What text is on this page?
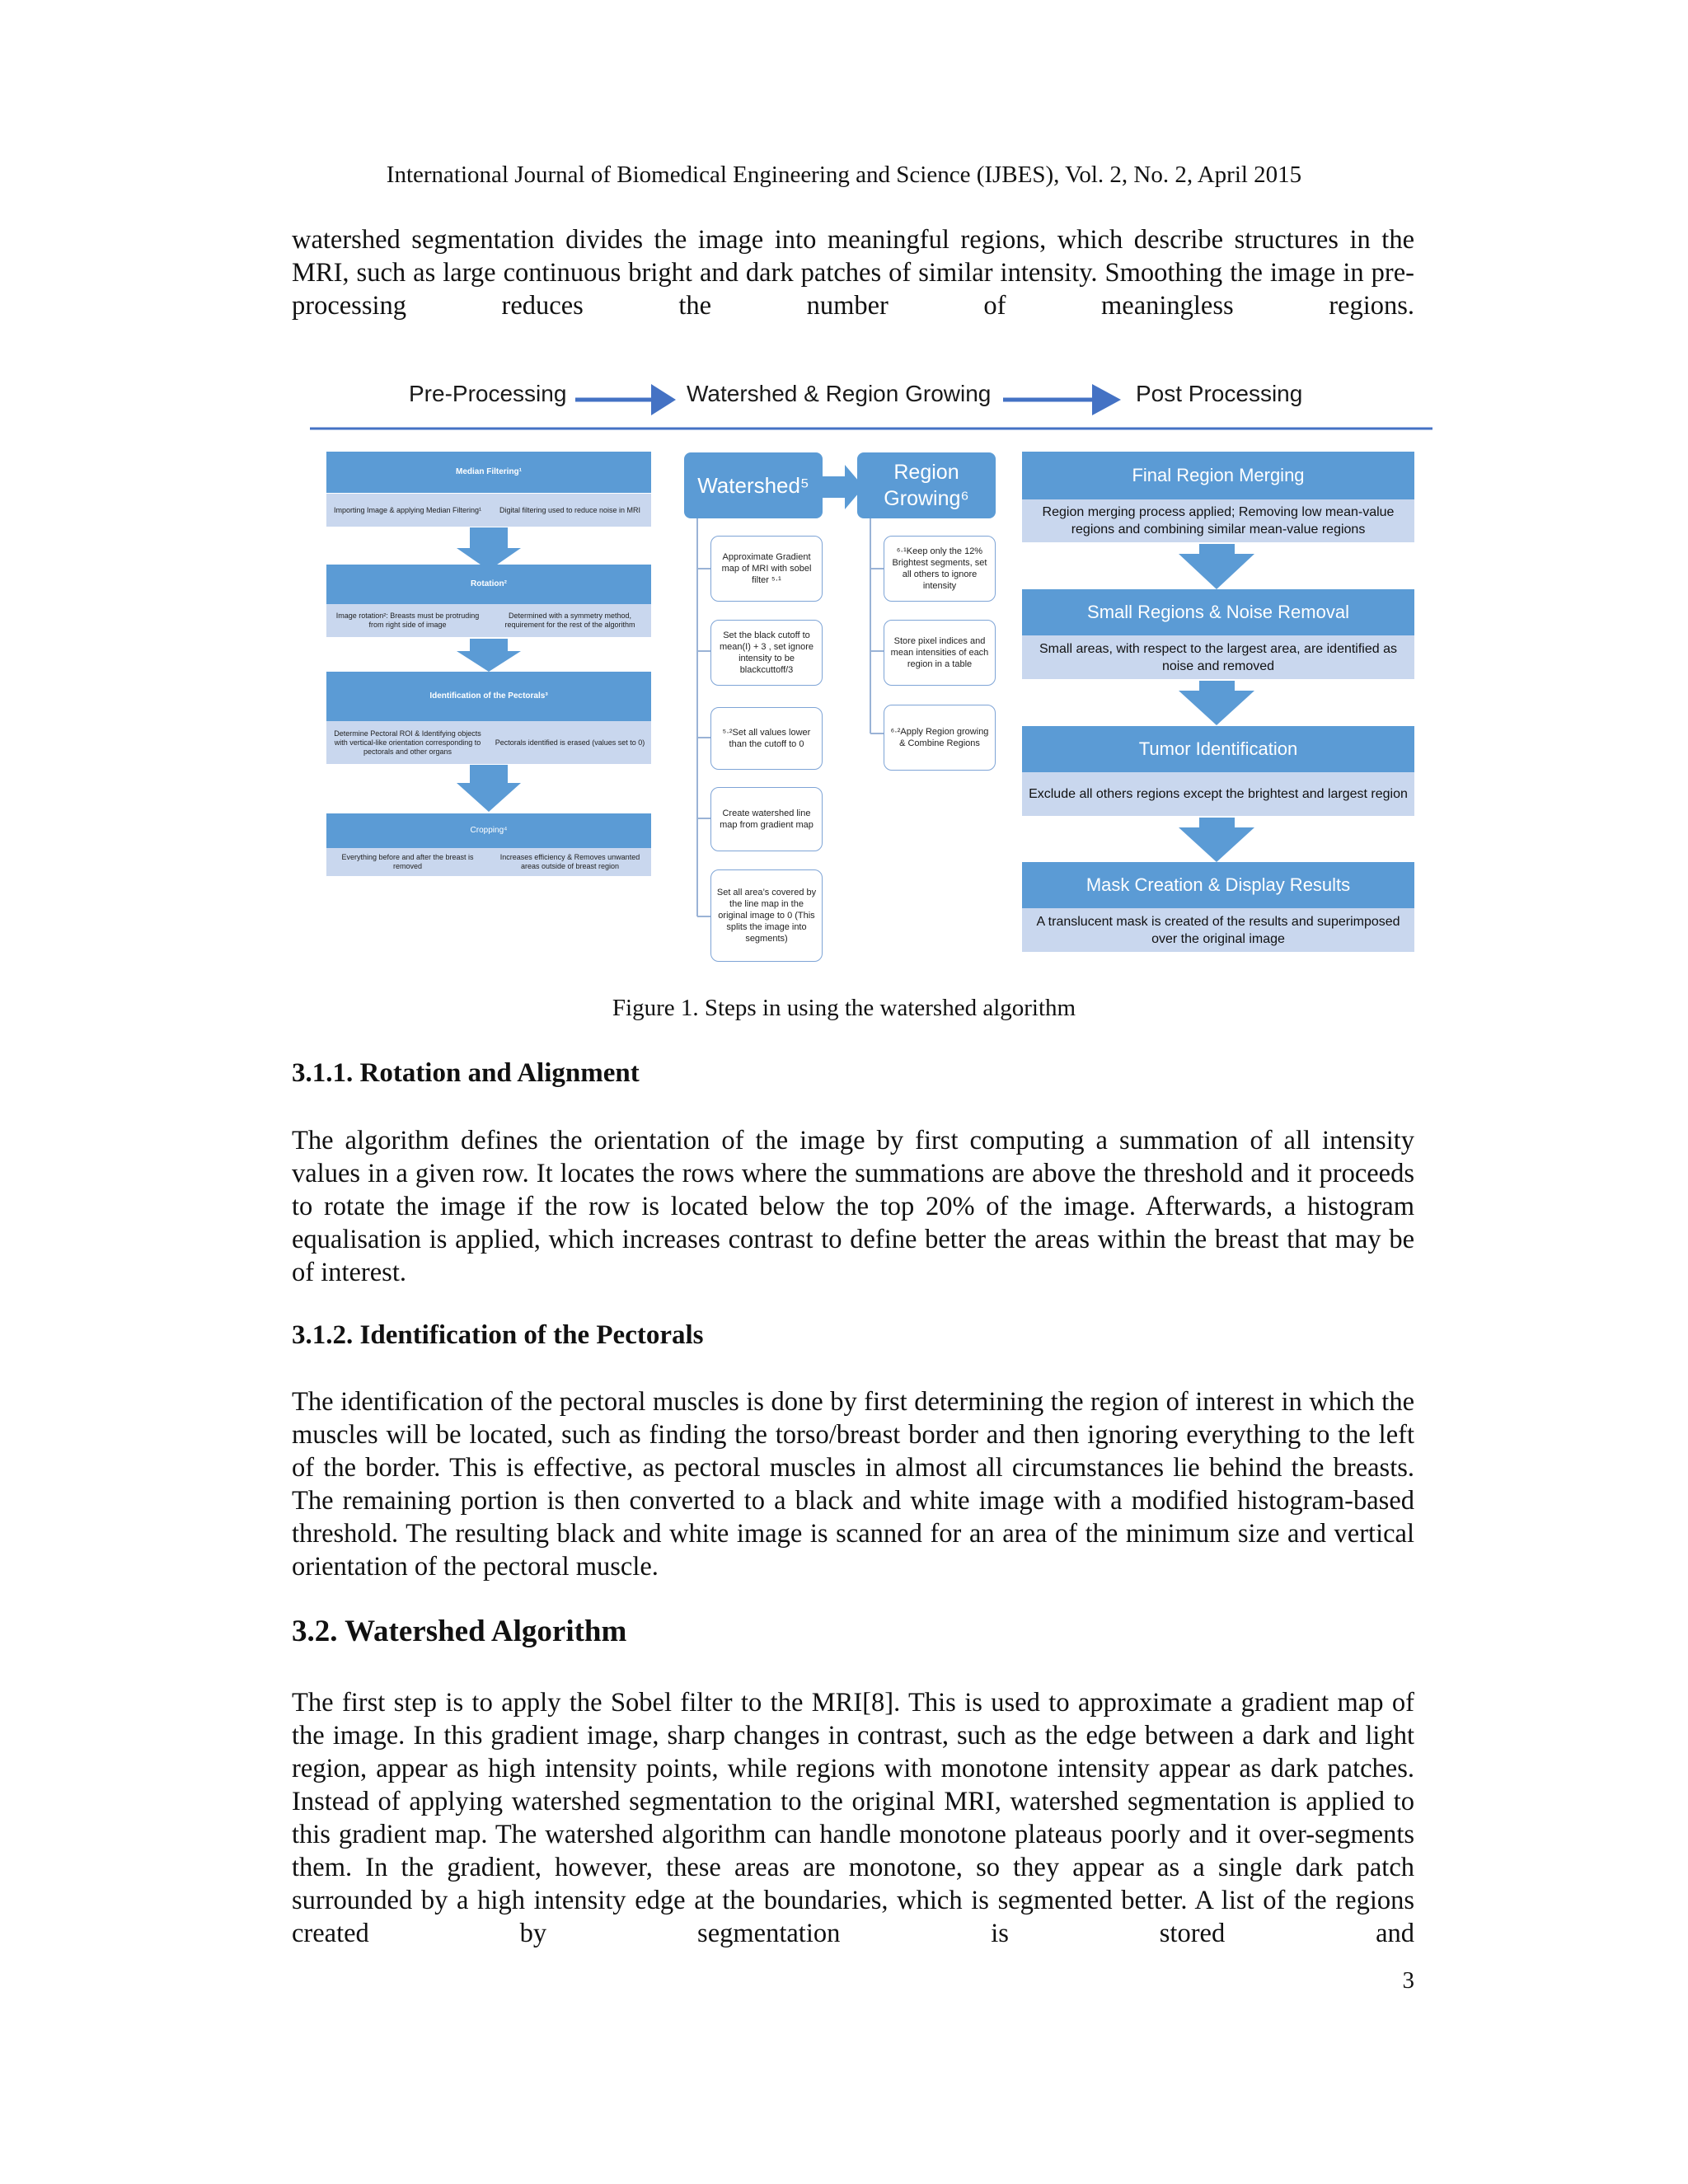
International Journal of Biomedical Engineering and Science (IJBES), Vol. 2, No. 2, April 2015

watershed segmentation divides the image into meaningful regions, which describe structures in the MRI, such as large continuous bright and dark patches of similar intensity. Smoothing the image in pre-processing reduces the number of meaningless regions.

Pre-Processing	Watershed & Region Growing	Post Processing
Median Filtering¹
Importing Image & applying Median Filtering¹	Digital filtering used to reduce noise in MRI
Rotation²
Image rotation²: Breasts must be protruding from right side of image
Determined with a symmetry method, requirement for the rest of the algorithm
Identification of the Pectorals³
Determine Pectoral ROI & Identifying objects with vertical-like orientation corresponding to pectorals and other organs
Pectorals identified is erased (values set to 0)
Cropping⁴
Everything before and after the breast is removed
Increases efficiency & Removes unwanted areas outside of breast region
Watershed⁵
Approximate Gradient map of MRI with sobel filter ⁵·¹
Set the black cutoff to mean(I) + 3 , set ignore intensity to be blackcuttoff/3
⁵·²Set all values lower than the cutoff to 0
Create watershed line map from gradient map
Set all area’s covered by the line map in the original image to 0 (This splits the image into segments)
Region Growing⁶
⁶·¹Keep only the 12% Brightest segments, set all others to ignore intensity
Store pixel indices and mean intensities of each region in a table
⁶·²Apply Region growing & Combine Regions
Final Region Merging
Region merging process applied; Removing low mean-value regions and combining similar mean-value regions
Small Regions & Noise Removal
Small areas, with respect to the largest area, are identified as noise and removed
Tumor Identification
Exclude all others regions except the brightest and largest region
Mask Creation & Display Results
A translucent mask is created of the results and superimposed over the original image
Figure 1. Steps in using the watershed algorithm
3.1.1. Rotation and Alignment

The algorithm defines the orientation of the image by first computing a summation of all intensity values in a given row. It locates the rows where the summations are above the threshold and it proceeds to rotate the image if the row is located below the top 20% of the image. Afterwards, a histogram equalisation is applied, which increases contrast to define better the areas within the breast that may be of interest.

3.1.2. Identification of the Pectorals

The identification of the pectoral muscles is done by first determining the region of interest in which the muscles will be located, such as finding the torso/breast border and then ignoring everything to the left of the border. This is effective, as pectoral muscles in almost all circumstances lie behind the breasts. The remaining portion is then converted to a black and white image with a modified histogram-based threshold. The resulting black and white image is scanned for an area of the minimum size and vertical orientation of the pectoral muscle.

3.2. Watershed Algorithm

The first step is to apply the Sobel filter to the MRI[8]. This is used to approximate a gradient map of the image. In this gradient image, sharp changes in contrast, such as the edge between a dark and light region, appear as high intensity points, while regions with monotone intensity appear as dark patches. Instead of applying watershed segmentation to the original MRI, watershed segmentation is applied to this gradient map. The watershed algorithm can handle monotone plateaus poorly and it over-segments them. In the gradient, however, these areas are monotone, so they appear as a single dark patch surrounded by a high intensity edge at the boundaries, which is segmented better. A list of the regions created by segmentation is stored and

3
